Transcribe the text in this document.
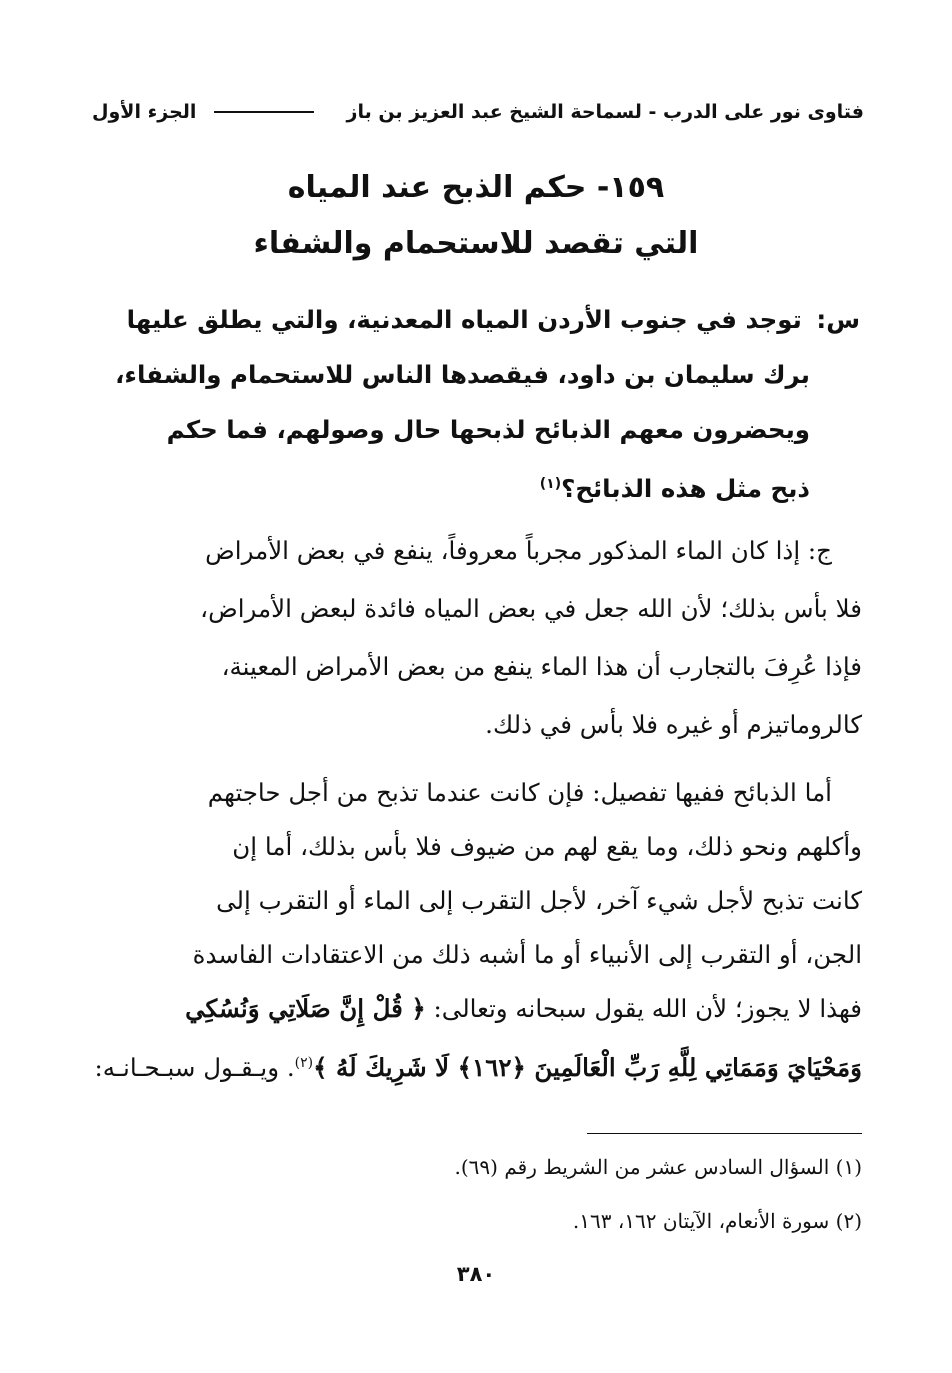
فتاوى نور على الدرب - لسماحة الشيخ عبد العزيز بن باز
الجزء الأول
١٥٩- حكم الذبح عند المياه
التي تقصد للاستحمام والشفاء
س: توجد في جنوب الأردن المياه المعدنية، والتي يطلق عليها
برك سليمان بن داود، فيقصدها الناس للاستحمام والشفاء،
ويحضرون معهم الذبائح لذبحها حال وصولهم، فما حكم
ذبح مثل هذه الذبائح؟$^{(١)}$
ج: إذا كان الماء المذكور مجرباً معروفاً، ينفع في بعض الأمراض
فلا بأس بذلك؛ لأن الله جعل في بعض المياه فائدة لبعض الأمراض،
فإذا عُرِفَ بالتجارب أن هذا الماء ينفع من بعض الأمراض المعينة،
كالروماتيزم أو غيره فلا بأس في ذلك.
أما الذبائح ففيها تفصيل: فإن كانت عندما تذبح من أجل حاجتهم
وأكلهم ونحو ذلك، وما يقع لهم من ضيوف فلا بأس بذلك، أما إن
كانت تذبح لأجل شيء آخر، لأجل التقرب إلى الماء أو التقرب إلى
الجن، أو التقرب إلى الأنبياء أو ما أشبه ذلك من الاعتقادات الفاسدة
فهذا لا يجوز؛ لأن الله يقول سبحانه وتعالى: ﴿ قُلْ إِنَّ صَلَاتِي وَنُسُكِي
وَمَحْيَايَ وَمَمَاتِي لِلَّهِ رَبِّ الْعَالَمِينَ ﴿١٦٢﴾ لَا شَرِيكَ لَهُ ﴾$^{(٢)}$. ويـقـول سبـحـانـه:
(١) السؤال السادس عشر من الشريط رقم (٦٩).
(٢) سورة الأنعام، الآيتان ١٦٢، ١٦٣.
٣٨٠
